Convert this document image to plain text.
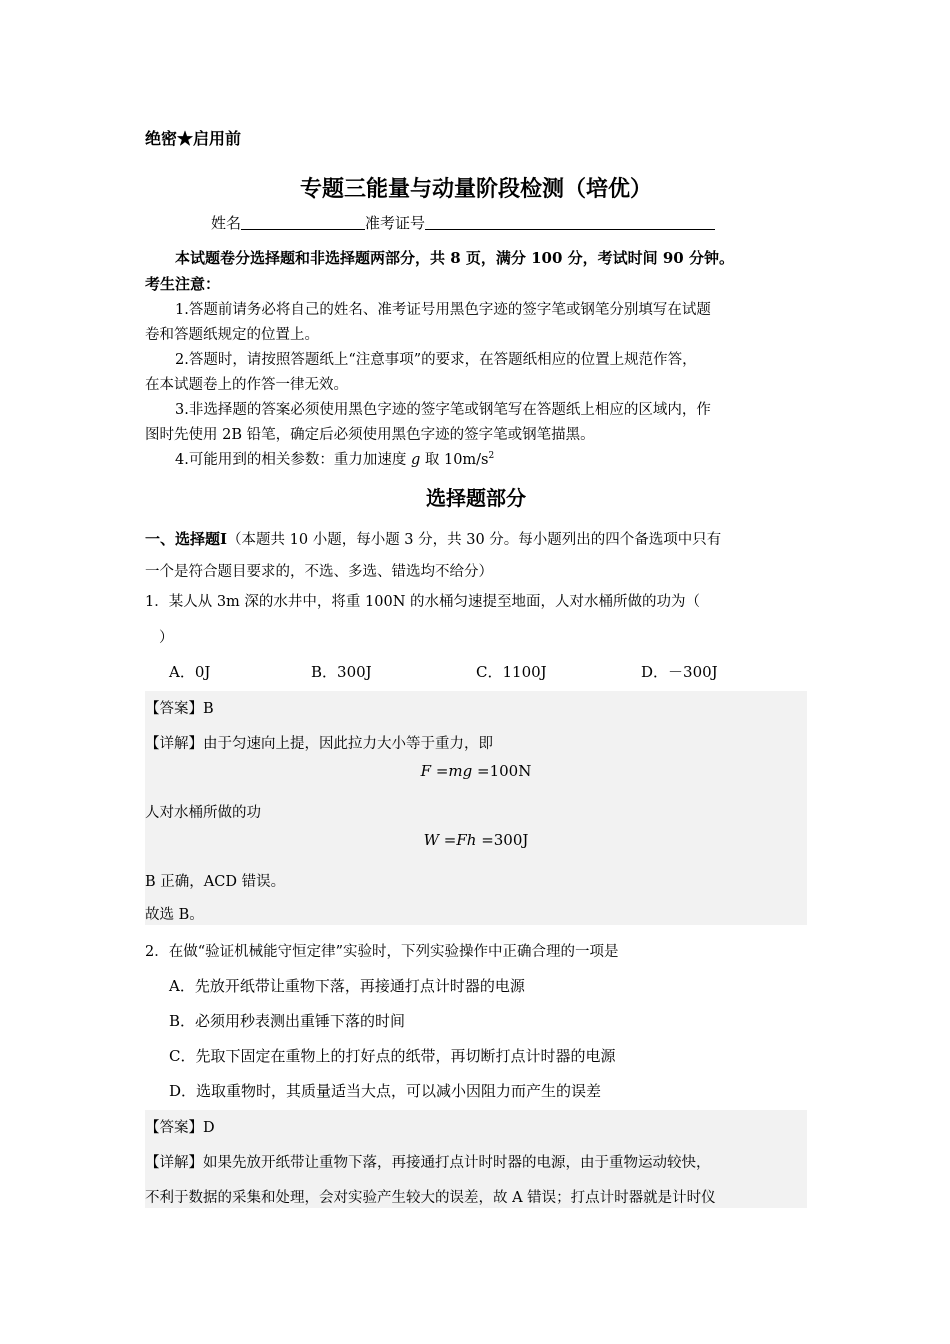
绝密★启用前
专题三能量与动量阶段检测（培优）
姓名	准考证号
本试题卷分选择题和非选择题两部分，共 8 页，满分 100 分，考试时间 90 分钟。
考生注意：
1.答题前请务必将自己的姓名、准考证号用黑色字迹的签字笔或钢笔分别填写在试题
卷和答题纸规定的位置上。
2.答题时，请按照答题纸上“注意事项”的要求，在答题纸相应的位置上规范作答，
在本试题卷上的作答一律无效。
3.非选择题的答案必须使用黑色字迹的签字笔或钢笔写在答题纸上相应的区域内，作
图时先使用 2B 铅笔，确定后必须使用黑色字迹的签字笔或钢笔描黑。
4.可能用到的相关参数：重力加速度 g 取 $10m/s^2$
选择题部分
一、选择题Ⅰ（本题共 10 小题，每小题 3 分，共 30 分。每小题列出的四个备选项中只有
一个是符合题目要求的，不选、多选、错选均不给分）
1．某人从 3m 深的水井中，将重 100N 的水桶匀速提至地面，人对水桶所做的功为（
）
A．0J	B．300J	C．1100J	D．－300J
【答案】B
【详解】由于匀速向上提，因此拉力大小等于重力，即
F =mg =100N
人对水桶所做的功
W =Fh =300J
B 正确，ACD 错误。
故选 B。
2．在做“验证机械能守恒定律”实验时，下列实验操作中正确合理的一项是
A．先放开纸带让重物下落，再接通打点计时器的电源
B．必须用秒表测出重锤下落的时间
C．先取下固定在重物上的打好点的纸带，再切断打点计时器的电源
D．选取重物时，其质量适当大点，可以减小因阻力而产生的误差
【答案】D
【详解】如果先放开纸带让重物下落，再接通打点计时时器的电源，由于重物运动较快，
不利于数据的采集和处理，会对实验产生较大的误差，故 A 错误；打点计时器就是计时仪
